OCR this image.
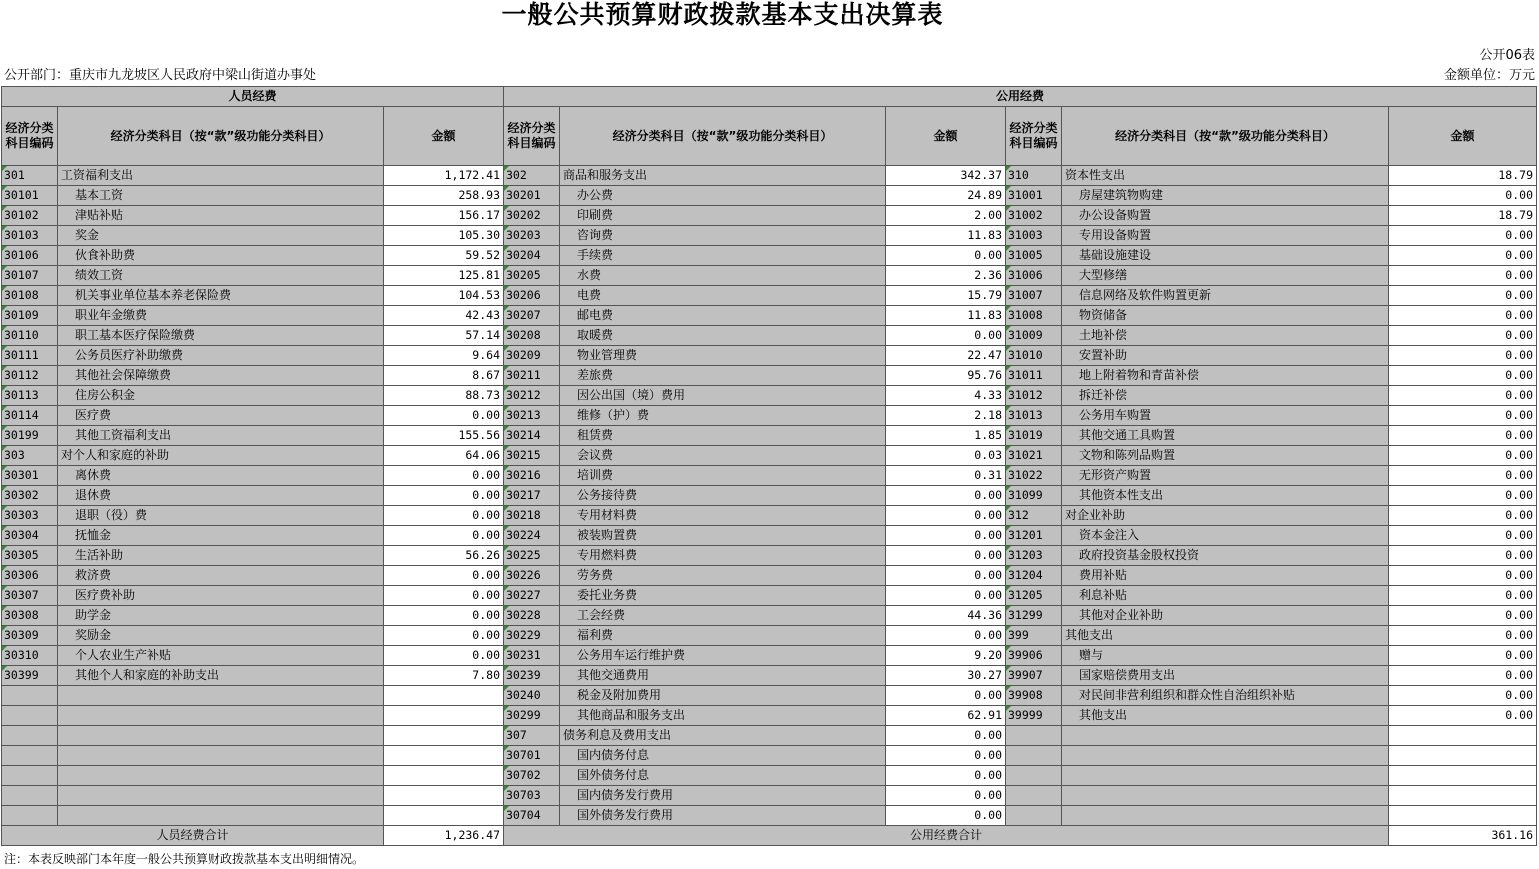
一般公共预算财政拨款基本支出决算表
公开06表
公开部门：重庆市九龙坡区人民政府中梁山街道办事处	金额单位：万元
人员经费			公用经费					
经济分类科目编码	经济分类科目（按“款”级功能分类科目）	金额	经济分类科目编码	经济分类科目（按“款”级功能分类科目）	金额	经济分类科目编码	经济分类科目（按“款”级功能分类科目）	金额
301	工资福利支出	1,172.41	302	商品和服务支出	342.37	310	资本性支出	18.79
30101	基本工资	258.93	30201	办公费	24.89	31001	房屋建筑物购建	0.00
30102	津贴补贴	156.17	30202	印刷费	2.00	31002	办公设备购置	18.79
30103	奖金	105.30	30203	咨询费	11.83	31003	专用设备购置	0.00
30106	伙食补助费	59.52	30204	手续费	0.00	31005	基础设施建设	0.00
30107	绩效工资	125.81	30205	水费	2.36	31006	大型修缮	0.00
30108	机关事业单位基本养老保险费	104.53	30206	电费	15.79	31007	信息网络及软件购置更新	0.00
30109	职业年金缴费	42.43	30207	邮电费	11.83	31008	物资储备	0.00
30110	职工基本医疗保险缴费	57.14	30208	取暖费	0.00	31009	土地补偿	0.00
30111	公务员医疗补助缴费	9.64	30209	物业管理费	22.47	31010	安置补助	0.00
30112	其他社会保障缴费	8.67	30211	差旅费	95.76	31011	地上附着物和青苗补偿	0.00
30113	住房公积金	88.73	30212	因公出国（境）费用	4.33	31012	拆迁补偿	0.00
30114	医疗费	0.00	30213	维修（护）费	2.18	31013	公务用车购置	0.00
30199	其他工资福利支出	155.56	30214	租赁费	1.85	31019	其他交通工具购置	0.00
303	对个人和家庭的补助	64.06	30215	会议费	0.03	31021	文物和陈列品购置	0.00
30301	离休费	0.00	30216	培训费	0.31	31022	无形资产购置	0.00
30302	退休费	0.00	30217	公务接待费	0.00	31099	其他资本性支出	0.00
30303	退职（役）费	0.00	30218	专用材料费	0.00	312	对企业补助	0.00
30304	抚恤金	0.00	30224	被装购置费	0.00	31201	资本金注入	0.00
30305	生活补助	56.26	30225	专用燃料费	0.00	31203	政府投资基金股权投资	0.00
30306	救济费	0.00	30226	劳务费	0.00	31204	费用补贴	0.00
30307	医疗费补助	0.00	30227	委托业务费	0.00	31205	利息补贴	0.00
30308	助学金	0.00	30228	工会经费	44.36	31299	其他对企业补助	0.00
30309	奖励金	0.00	30229	福利费	0.00	399	其他支出	0.00
30310	个人农业生产补贴	0.00	30231	公务用车运行维护费	9.20	39906	赠与	0.00
30399	其他个人和家庭的补助支出	7.80	30239	其他交通费用	30.27	39907	国家赔偿费用支出	0.00
			30240	税金及附加费用	0.00	39908	对民间非营利组织和群众性自治组织补贴	0.00
			30299	其他商品和服务支出	62.91	39999	其他支出	0.00
			307	债务利息及费用支出	0.00			
			30701	国内债务付息	0.00			
			30702	国外债务付息	0.00			
			30703	国内债务发行费用	0.00			
			30704	国外债务发行费用	0.00			
人员经费合计		1,236.47	公用经费合计					361.16
注：本表反映部门本年度一般公共预算财政拨款基本支出明细情况。
